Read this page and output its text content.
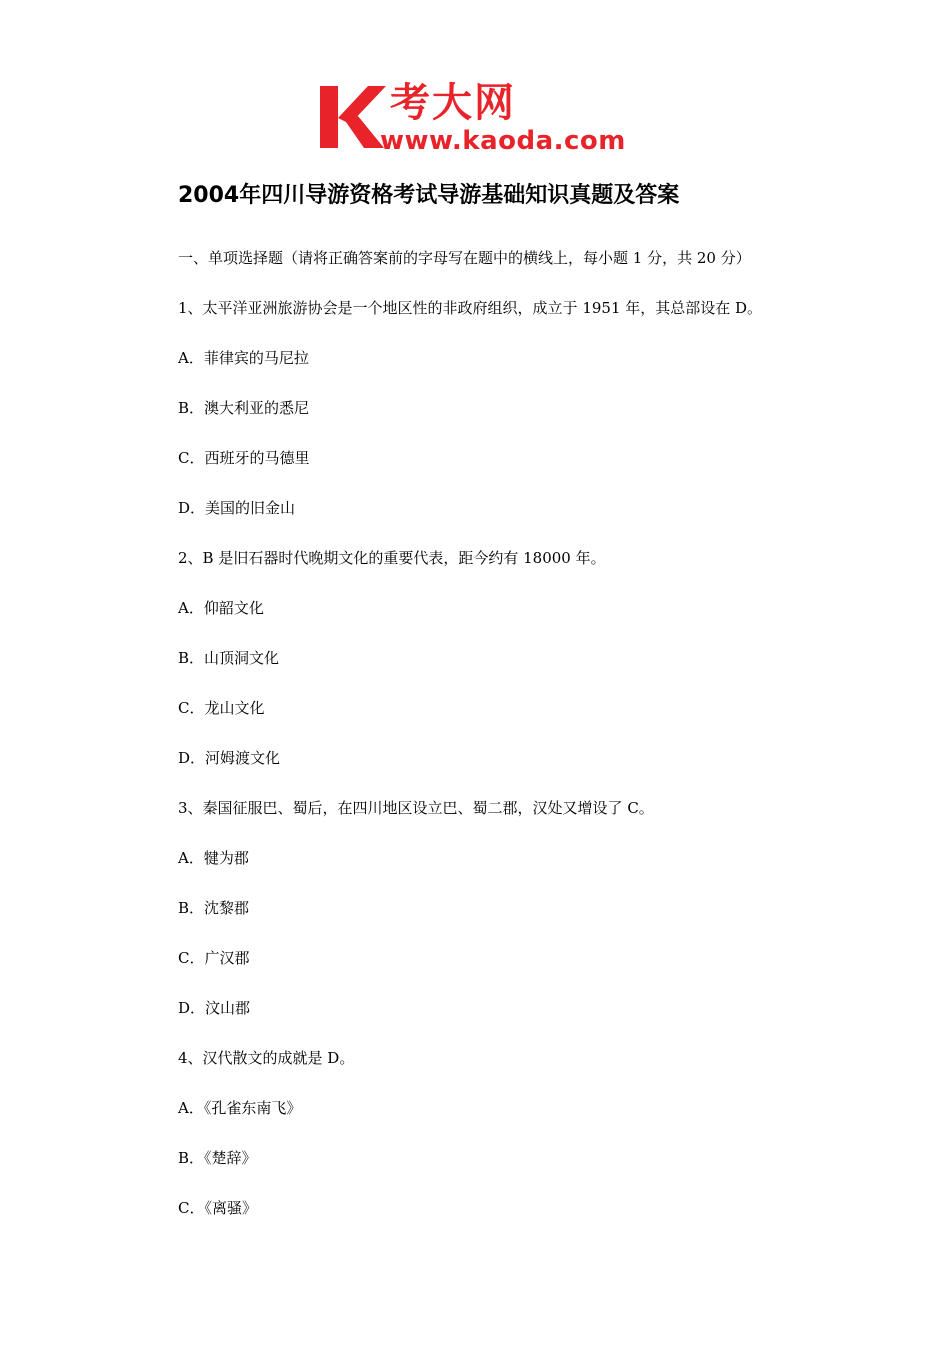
考大网
www.kaoda.com
2004年四川导游资格考试导游基础知识真题及答案
一、单项选择题（请将正确答案前的字母写在题中的横线上，每小题 1 分，共 20 分）
1、太平洋亚洲旅游协会是一个地区性的非政府组织，成立于 1951 年，其总部设在 D。
A．菲律宾的马尼拉
B．澳大利亚的悉尼
C．西班牙的马德里
D．美国的旧金山
2、B 是旧石器时代晚期文化的重要代表，距今约有 18000 年。
A．仰韶文化
B．山顶洞文化
C．龙山文化
D．河姆渡文化
3、秦国征服巴、蜀后，在四川地区设立巴、蜀二郡，汉处又增设了 C。
A．犍为郡
B．沈黎郡
C．广汉郡
D．汶山郡
4、汉代散文的成就是 D。
A．《孔雀东南飞》
B．《楚辞》
C．《离骚》
